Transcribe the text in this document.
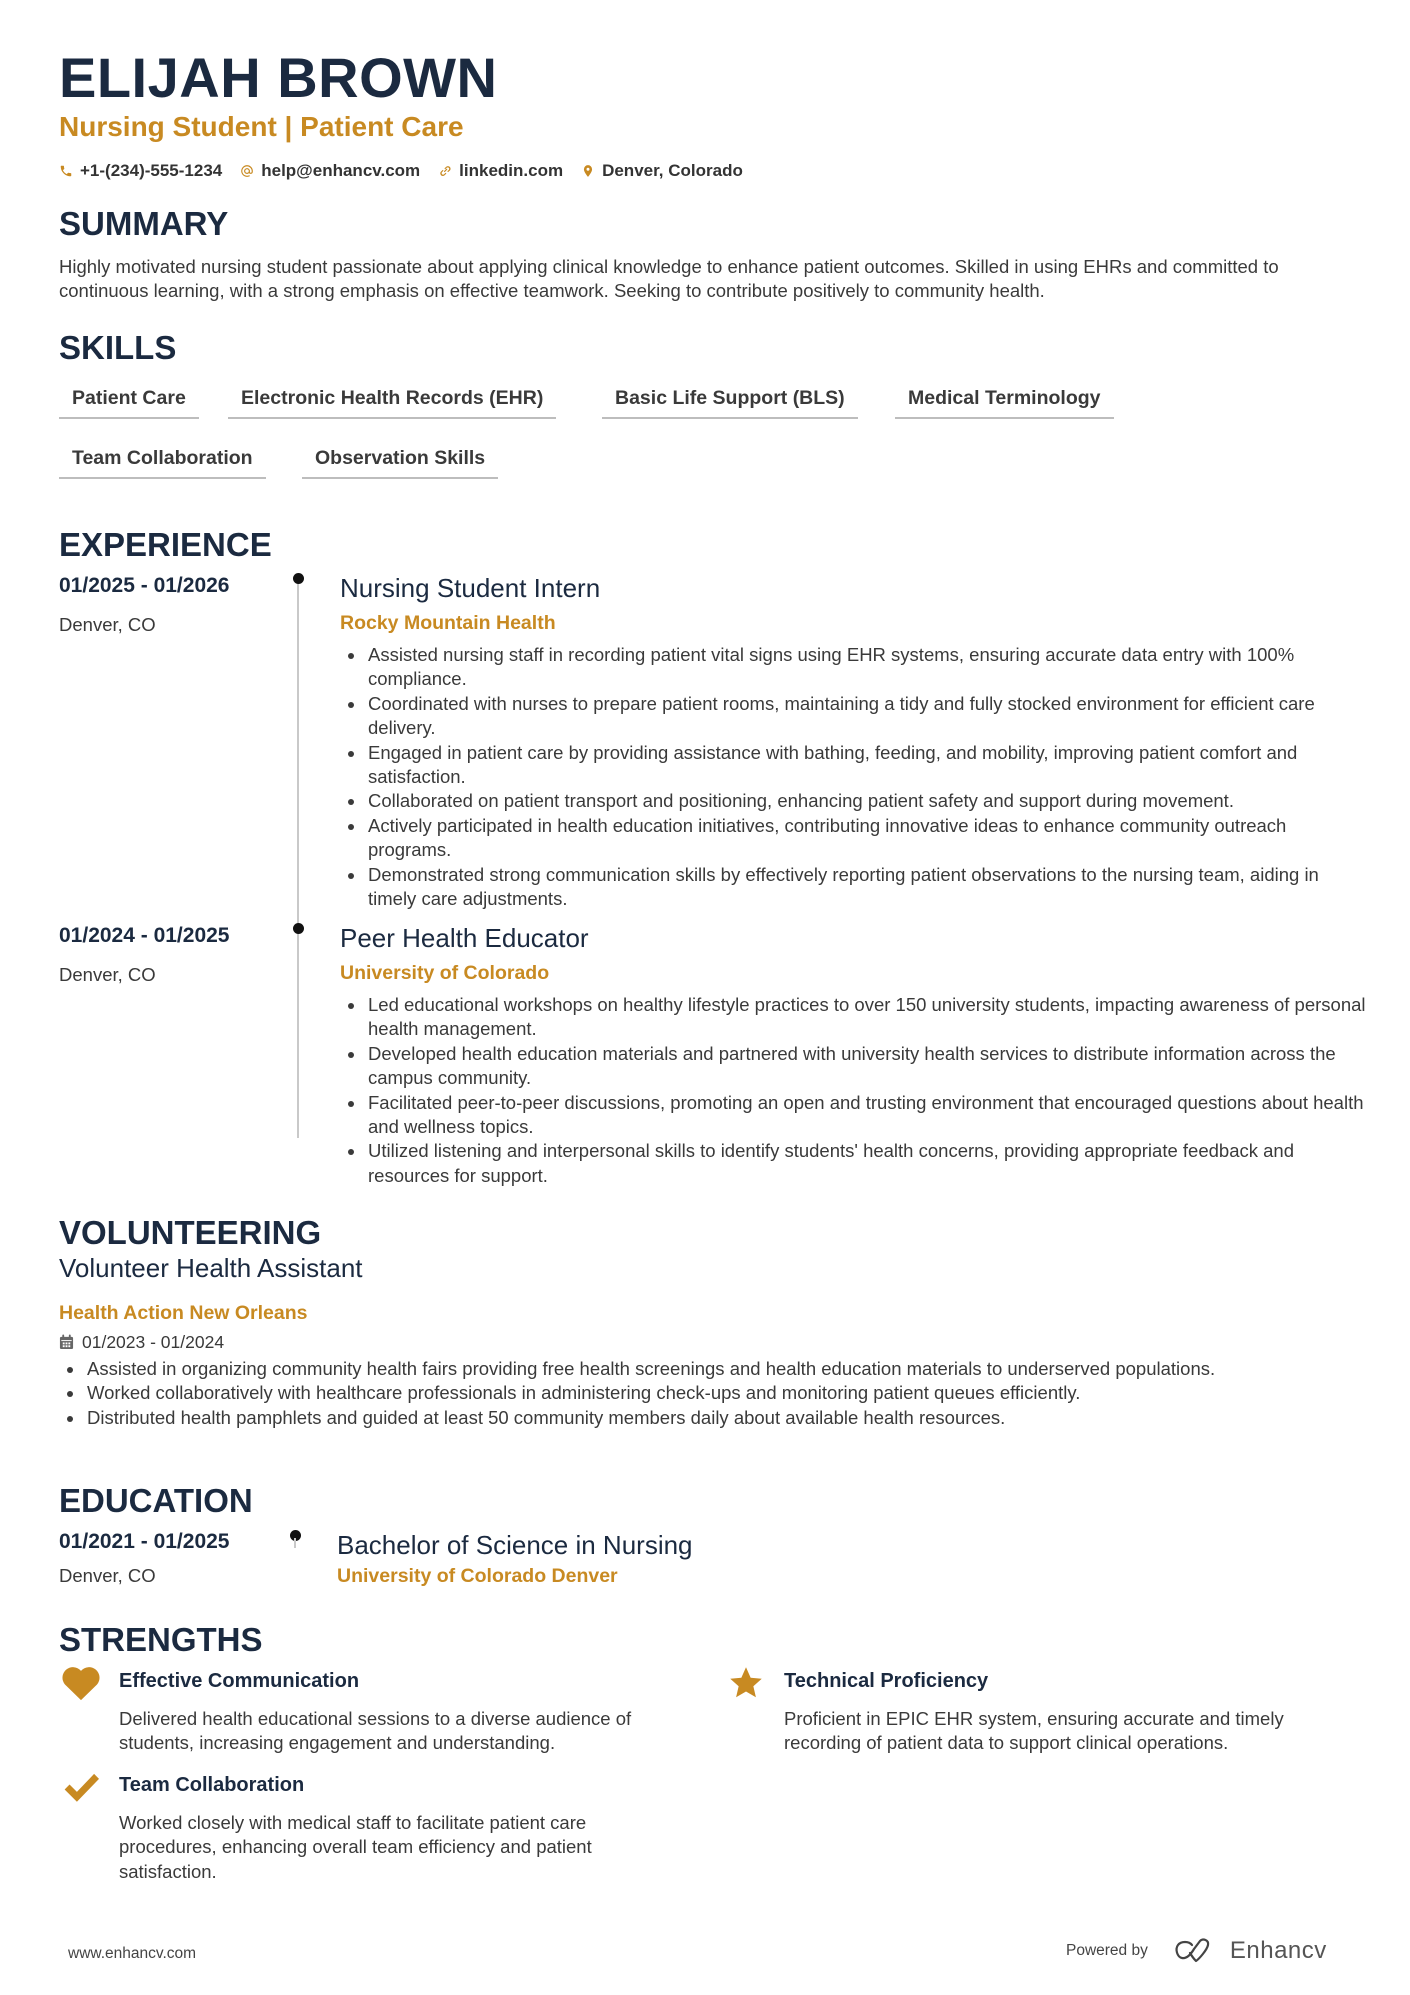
ELIJAH BROWN
Nursing Student | Patient Care
+1-(234)-555-1234 help@enhancv.com linkedin.com Denver, Colorado
SUMMARY
Highly motivated nursing student passionate about applying clinical knowledge to enhance patient outcomes. Skilled in using EHRs and committed to continuous learning, with a strong emphasis on effective teamwork. Seeking to contribute positively to community health.
SKILLS
Patient Care	Electronic Health Records (EHR)	Basic Life Support (BLS)	Medical Terminology
Team Collaboration	Observation Skills
EXPERIENCE
01/2025 - 01/2026
Denver, CO
Nursing Student Intern
Rocky Mountain Health
Assisted nursing staff in recording patient vital signs using EHR systems, ensuring accurate data entry with 100% compliance.
Coordinated with nurses to prepare patient rooms, maintaining a tidy and fully stocked environment for efficient care delivery.
Engaged in patient care by providing assistance with bathing, feeding, and mobility, improving patient comfort and satisfaction.
Collaborated on patient transport and positioning, enhancing patient safety and support during movement.
Actively participated in health education initiatives, contributing innovative ideas to enhance community outreach programs.
Demonstrated strong communication skills by effectively reporting patient observations to the nursing team, aiding in timely care adjustments.
01/2024 - 01/2025
Denver, CO
Peer Health Educator
University of Colorado
Led educational workshops on healthy lifestyle practices to over 150 university students, impacting awareness of personal health management.
Developed health education materials and partnered with university health services to distribute information across the campus community.
Facilitated peer-to-peer discussions, promoting an open and trusting environment that encouraged questions about health and wellness topics.
Utilized listening and interpersonal skills to identify students' health concerns, providing appropriate feedback and resources for support.
VOLUNTEERING
Volunteer Health Assistant
Health Action New Orleans
01/2023 - 01/2024
Assisted in organizing community health fairs providing free health screenings and health education materials to underserved populations.
Worked collaboratively with healthcare professionals in administering check-ups and monitoring patient queues efficiently.
Distributed health pamphlets and guided at least 50 community members daily about available health resources.
EDUCATION
01/2021 - 01/2025
Denver, CO
Bachelor of Science in Nursing
University of Colorado Denver
STRENGTHS
Effective Communication
Delivered health educational sessions to a diverse audience of students, increasing engagement and understanding.
Technical Proficiency
Proficient in EPIC EHR system, ensuring accurate and timely recording of patient data to support clinical operations.
Team Collaboration
Worked closely with medical staff to facilitate patient care procedures, enhancing overall team efficiency and patient satisfaction.
www.enhancv.com	Powered by	Enhancv
